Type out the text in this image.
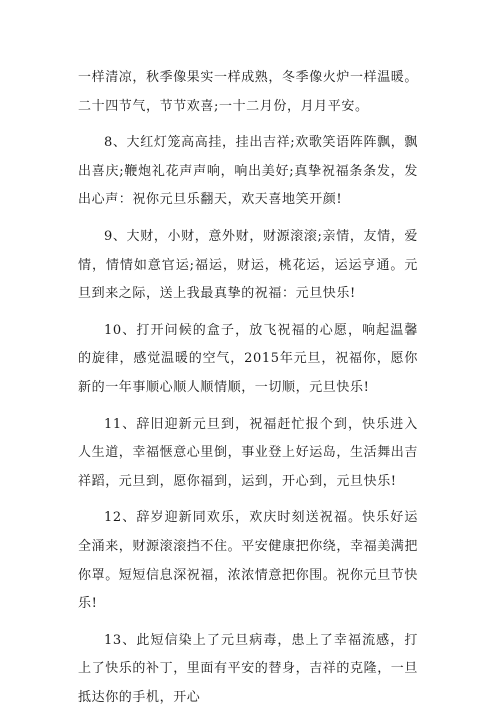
一样清凉，秋季像果实一样成熟，冬季像火炉一样温暖。二十四节气，节节欢喜;一十二月份，月月平安。

8、大红灯笼高高挂，挂出吉祥;欢歌笑语阵阵飘，飘出喜庆;鞭炮礼花声声响，响出美好;真挚祝福条条发，发出心声：祝你元旦乐翻天，欢天喜地笑开颜!

9、大财，小财，意外财，财源滚滚;亲情，友情，爱情，情情如意官运;福运，财运，桃花运，运运亨通。元旦到来之际，送上我最真挚的祝福：元旦快乐!

10、打开问候的盒子，放飞祝福的心愿，响起温馨的旋律，感觉温暖的空气，2015年元旦，祝福你，愿你新的一年事顺心顺人顺情顺，一切顺，元旦快乐!

11、辞旧迎新元旦到，祝福赶忙报个到，快乐进入人生道，幸福惬意心里倒，事业登上好运岛，生活舞出吉祥蹈，元旦到，愿你福到，运到，开心到，元旦快乐!

12、辞岁迎新同欢乐，欢庆时刻送祝福。快乐好运全涌来，财源滚滚挡不住。平安健康把你绕，幸福美满把你罩。短短信息深祝福，浓浓情意把你围。祝你元旦节快乐!

13、此短信染上了元旦病毒，患上了幸福流感，打上了快乐的补丁，里面有平安的替身，吉祥的克隆，一旦抵达你的手机，开心
